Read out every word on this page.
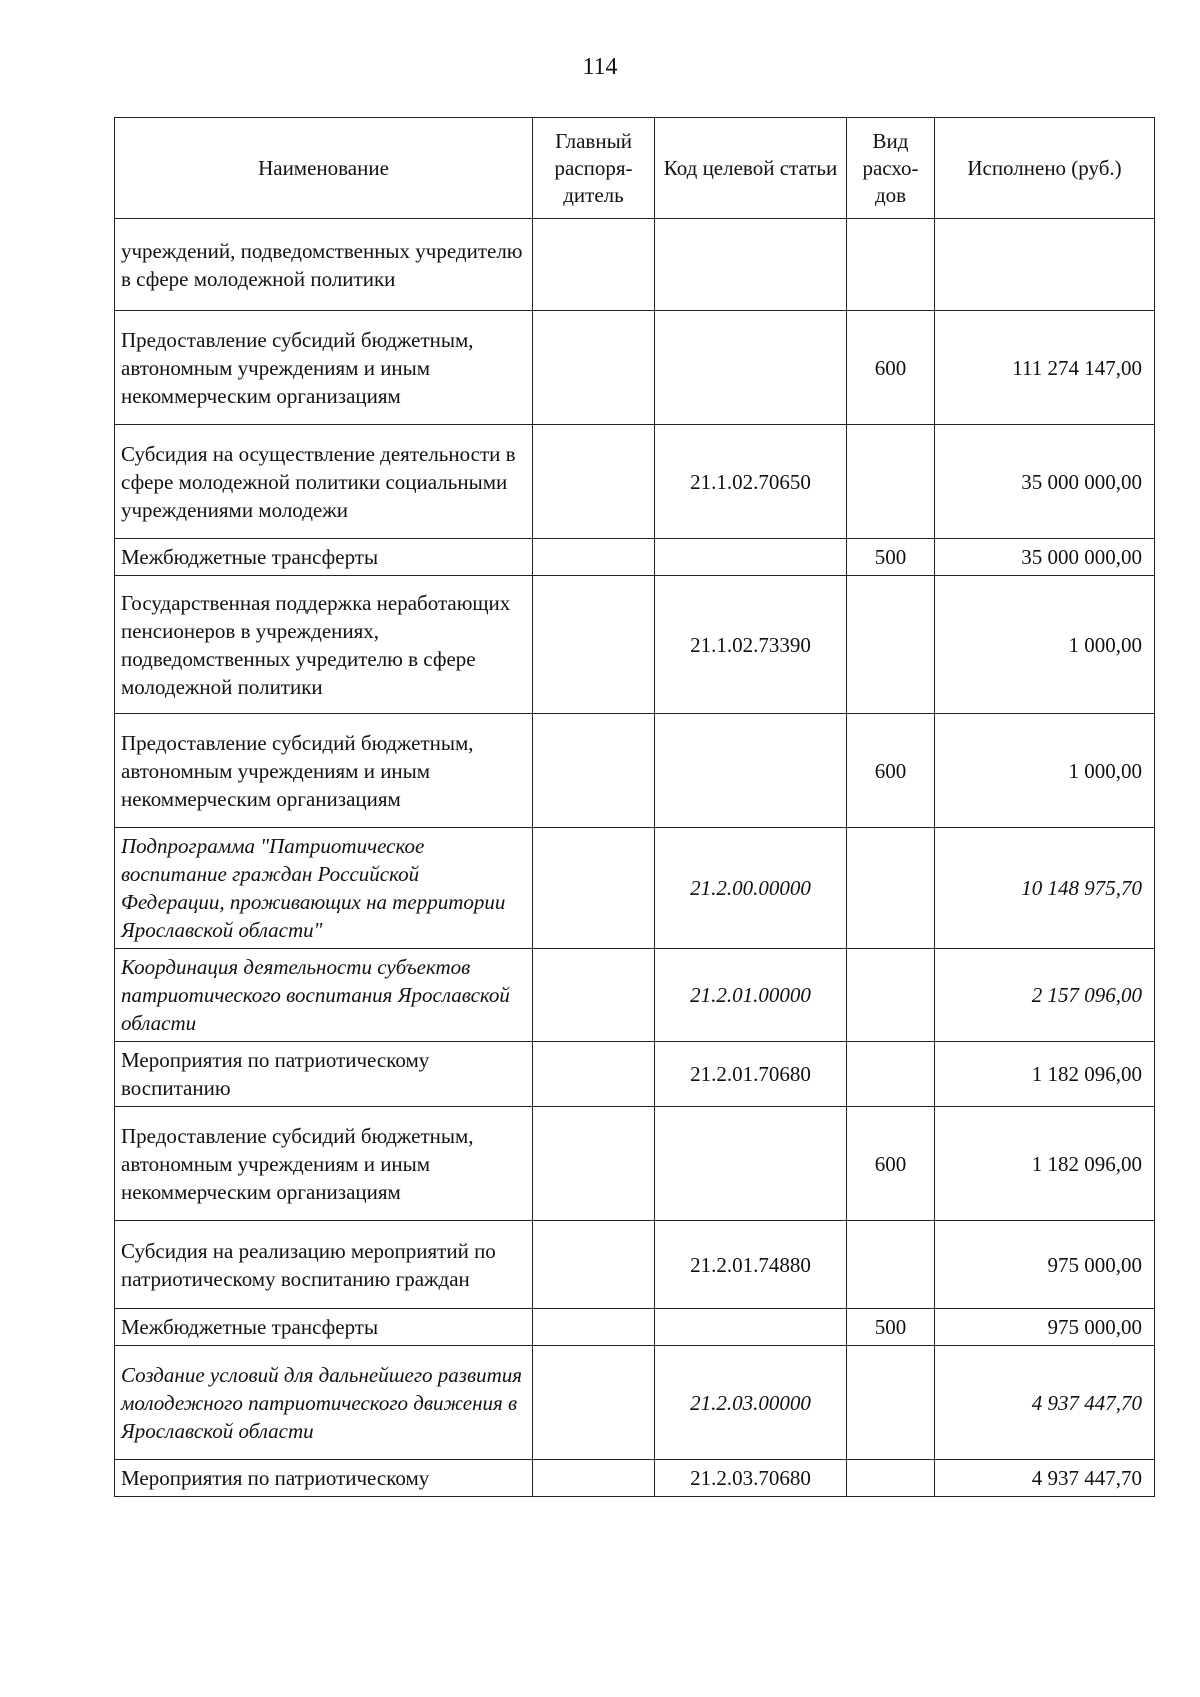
114
Наименование	Главный распоря-дитель	Код целевой статьи	Вид расхо-дов	Исполнено (руб.)
учреждений, подведомственных учредителю в сфере молодежной политики				
Предоставление субсидий бюджетным, автономным учреждениям и иным некоммерческим организациям			600	111 274 147,00
Субсидия на осуществление деятельности в сфере молодежной политики социальными учреждениями молодежи		21.1.02.70650		35 000 000,00
Межбюджетные трансферты			500	35 000 000,00
Государственная поддержка неработающих пенсионеров в учреждениях, подведомственных учредителю в сфере молодежной политики		21.1.02.73390		1 000,00
Предоставление субсидий бюджетным, автономным учреждениям и иным некоммерческим организациям			600	1 000,00
Подпрограмма "Патриотическое воспитание граждан Российской Федерации, проживающих на территории Ярославской области"		21.2.00.00000		10 148 975,70
Координация деятельности субъектов патриотического воспитания Ярославской области		21.2.01.00000		2 157 096,00
Мероприятия по патриотическому воспитанию		21.2.01.70680		1 182 096,00
Предоставление субсидий бюджетным, автономным учреждениям и иным некоммерческим организациям			600	1 182 096,00
Субсидия на реализацию мероприятий по патриотическому воспитанию граждан		21.2.01.74880		975 000,00
Межбюджетные трансферты			500	975 000,00
Создание условий для дальнейшего развития молодежного патриотического движения в Ярославской области		21.2.03.00000		4 937 447,70
Мероприятия по патриотическому		21.2.03.70680		4 937 447,70
